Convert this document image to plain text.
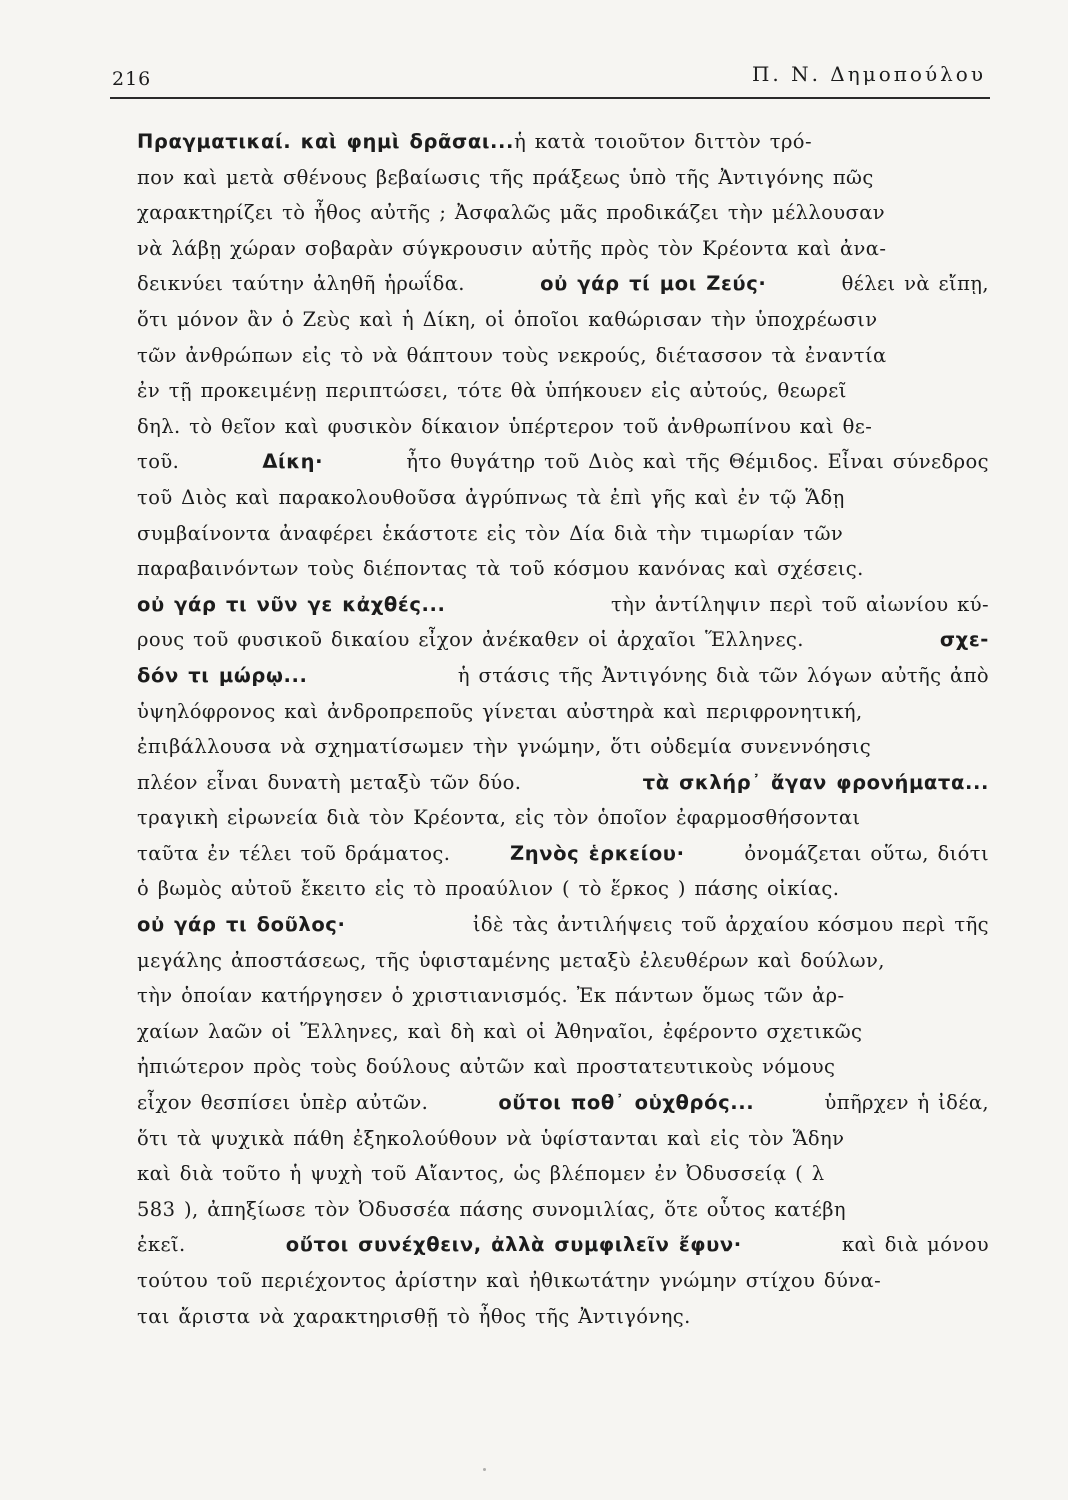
216	Π. Ν. Δημοπούλου
Πραγματικαί. καὶ φημὶ δρᾶσαι... ἡ κατὰ τοιοῦτον διττὸν τρό-
πον καὶ μετὰ σθένους βεβαίωσις τῆς πράξεως ὑπὸ τῆς Ἀντιγόνης πῶς
χαρακτηρίζει τὸ ἦθος αὐτῆς ; Ἀσφαλῶς μᾶς προδικάζει τὴν μέλλουσαν
νὰ λάβῃ χώραν σοβαρὰν σύγκρουσιν αὐτῆς πρὸς τὸν Κρέοντα καὶ ἀνα-
δεικνύει ταύτην ἀληθῆ ἡρωΐδα.	οὐ γάρ τί μοι Ζεύς·	θέλει νὰ εἴπῃ,
ὅτι μόνον ἂν ὁ Ζεὺς καὶ ἡ Δίκη, οἱ ὁποῖοι καθώρισαν τὴν ὑποχρέωσιν
τῶν ἀνθρώπων εἰς τὸ νὰ θάπτουν τοὺς νεκρούς, διέτασσον τὰ ἐναντία
ἐν τῇ προκειμένῃ περιπτώσει, τότε θὰ ὑπήκουεν εἰς αὐτούς, θεωρεῖ
δηλ. τὸ θεῖον καὶ φυσικὸν δίκαιον ὑπέρτερον τοῦ ἀνθρωπίνου καὶ θε-
τοῦ.	Δίκη·	ἦτο θυγάτηρ τοῦ Διὸς καὶ τῆς Θέμιδος. Εἶναι σύνεδρος
τοῦ Διὸς καὶ παρακολουθοῦσα ἀγρύπνως τὰ ἐπὶ γῆς καὶ ἐν τῷ Ἅδῃ
συμβαίνοντα ἀναφέρει ἑκάστοτε εἰς τὸν Δία διὰ τὴν τιμωρίαν τῶν
παραβαινόντων τοὺς διέποντας τὰ τοῦ κόσμου κανόνας καὶ σχέσεις.
οὐ γάρ τι νῦν γε κἀχθές...	τὴν ἀντίληψιν περὶ τοῦ αἰωνίου κύ-
ρους τοῦ φυσικοῦ δικαίου εἶχον ἀνέκαθεν οἱ ἀρχαῖοι Ἕλληνες.	σχε-
δόν τι μώρῳ...	ἡ στάσις τῆς Ἀντιγόνης διὰ τῶν λόγων αὐτῆς ἀπὸ
ὑψηλόφρονος καὶ ἀνδροπρεποῦς γίνεται αὐστηρὰ καὶ περιφρονητική,
ἐπιβάλλουσα νὰ σχηματίσωμεν τὴν γνώμην, ὅτι οὐδεμία συνεννόησις
πλέον εἶναι δυνατὴ μεταξὺ τῶν δύο.	τὰ σκλήρ᾿ ἄγαν φρονήματα...
τραγικὴ εἰρωνεία διὰ τὸν Κρέοντα, εἰς τὸν ὁποῖον ἐφαρμοσθήσονται
ταῦτα ἐν τέλει τοῦ δράματος.	Ζηνὸς ἑρκείου·	ὀνομάζεται οὕτω, διότι
ὁ βωμὸς αὐτοῦ ἔκειτο εἰς τὸ προαύλιον ( τὸ ἕρκος ) πάσης οἰκίας.
οὐ γάρ τι δοῦλος·	ἰδὲ τὰς ἀντιλήψεις τοῦ ἀρχαίου κόσμου περὶ τῆς
μεγάλης ἀποστάσεως, τῆς ὑφισταμένης μεταξὺ ἐλευθέρων καὶ δούλων,
τὴν ὁποίαν κατήργησεν ὁ χριστιανισμός. Ἐκ πάντων ὅμως τῶν ἀρ-
χαίων λαῶν οἱ Ἕλληνες, καὶ δὴ καὶ οἱ Ἀθηναῖοι, ἐφέροντο σχετικῶς
ἠπιώτερον πρὸς τοὺς δούλους αὐτῶν καὶ προστατευτικοὺς νόμους
εἶχον θεσπίσει ὑπὲρ αὐτῶν.	οὔτοι ποθ᾿ οὑχθρός...	ὑπῆρχεν ἡ ἰδέα,
ὅτι τὰ ψυχικὰ πάθη ἐξηκολούθουν νὰ ὑφίστανται καὶ εἰς τὸν Ἅδην
καὶ διὰ τοῦτο ἡ ψυχὴ τοῦ Αἴαντος, ὡς βλέπομεν ἐν Ὀδυσσείᾳ ( λ
583 ), ἀπηξίωσε τὸν Ὀδυσσέα πάσης συνομιλίας, ὅτε οὗτος κατέβη
ἐκεῖ.	οὔτοι συνέχθειν, ἀλλὰ συμφιλεῖν ἔφυν·	καὶ διὰ μόνου
τούτου τοῦ περιέχοντος ἀρίστην καὶ ἠθικωτάτην γνώμην στίχου δύνα-
ται ἄριστα νὰ χαρακτηρισθῇ τὸ ἦθος τῆς Ἀντιγόνης.
